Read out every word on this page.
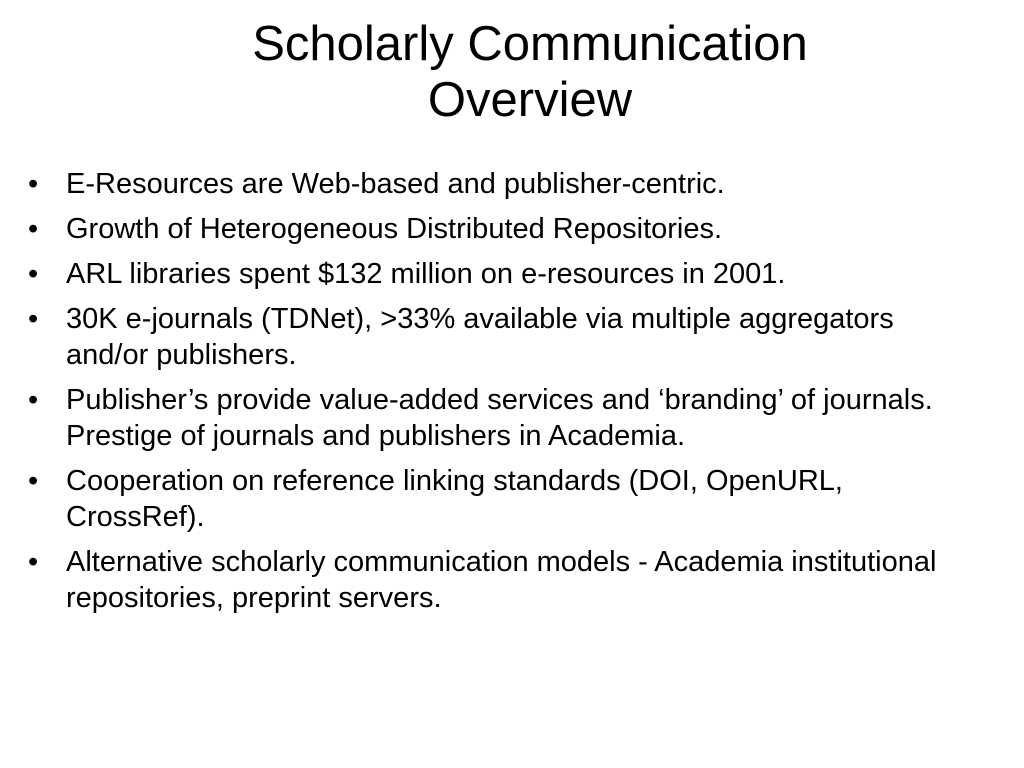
Scholarly Communication
Overview
• E-Resources are Web-based and publisher-centric.
• Growth of Heterogeneous Distributed Repositories.
• ARL libraries spent $132 million on e-resources in 2001.
• 30K e-journals (TDNet), >33% available via multiple aggregators and/or publishers.
• Publisher’s provide value-added services and ‘branding’ of journals. Prestige of journals and publishers in Academia.
• Cooperation on reference linking standards (DOI, OpenURL, CrossRef).
• Alternative scholarly communication models - Academia institutional repositories, preprint servers.
